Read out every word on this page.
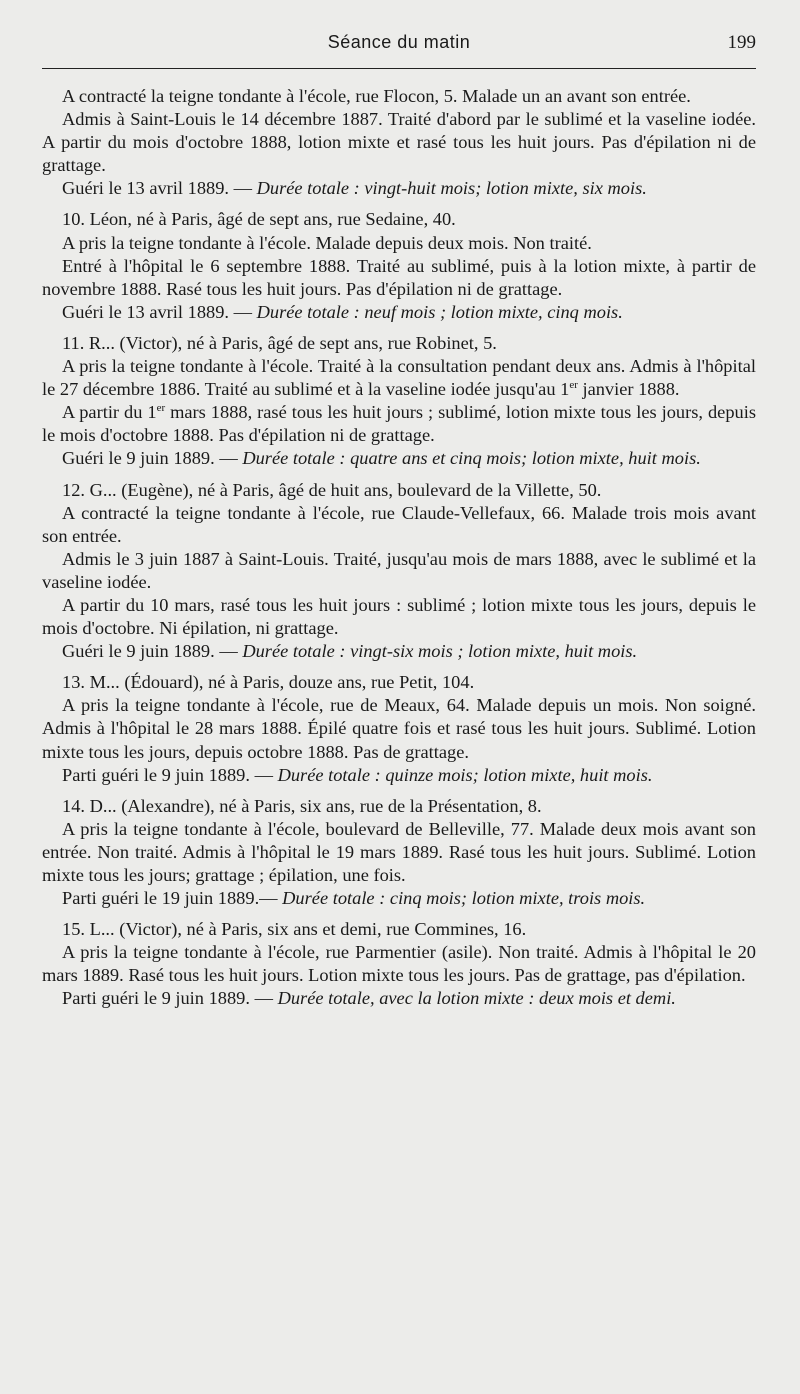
Séance du matin	199

A contracté la teigne tondante à l'école, rue Flocon, 5. Malade un an avant son entrée.

Admis à Saint-Louis le 14 décembre 1887. Traité d'abord par le sublimé et la vaseline iodée. A partir du mois d'octobre 1888, lotion mixte et rasé tous les huit jours. Pas d'épilation ni de grattage.

Guéri le 13 avril 1889. — Durée totale : vingt-huit mois; lotion mixte, six mois.

10. Léon, né à Paris, âgé de sept ans, rue Sedaine, 40.

A pris la teigne tondante à l'école. Malade depuis deux mois. Non traité.

Entré à l'hôpital le 6 septembre 1888. Traité au sublimé, puis à la lotion mixte, à partir de novembre 1888. Rasé tous les huit jours. Pas d'épilation ni de grattage.

Guéri le 13 avril 1889. — Durée totale : neuf mois ; lotion mixte, cinq mois.

11. R... (Victor), né à Paris, âgé de sept ans, rue Robinet, 5.

A pris la teigne tondante à l'école. Traité à la consultation pendant deux ans. Admis à l'hôpital le 27 décembre 1886. Traité au sublimé et à la vaseline iodée jusqu'au 1er janvier 1888.

A partir du 1er mars 1888, rasé tous les huit jours ; sublimé, lotion mixte tous les jours, depuis le mois d'octobre 1888. Pas d'épilation ni de grattage.

Guéri le 9 juin 1889. — Durée totale : quatre ans et cinq mois; lotion mixte, huit mois.

12. G... (Eugène), né à Paris, âgé de huit ans, boulevard de la Villette, 50.

A contracté la teigne tondante à l'école, rue Claude-Vellefaux, 66. Malade trois mois avant son entrée.

Admis le 3 juin 1887 à Saint-Louis. Traité, jusqu'au mois de mars 1888, avec le sublimé et la vaseline iodée.

A partir du 10 mars, rasé tous les huit jours : sublimé ; lotion mixte tous les jours, depuis le mois d'octobre. Ni épilation, ni grattage.

Guéri le 9 juin 1889. — Durée totale : vingt-six mois ; lotion mixte, huit mois.

13. M... (Édouard), né à Paris, douze ans, rue Petit, 104.

A pris la teigne tondante à l'école, rue de Meaux, 64. Malade depuis un mois. Non soigné. Admis à l'hôpital le 28 mars 1888. Épilé quatre fois et rasé tous les huit jours. Sublimé. Lotion mixte tous les jours, depuis octobre 1888. Pas de grattage.

Parti guéri le 9 juin 1889. — Durée totale : quinze mois; lotion mixte, huit mois.

14. D... (Alexandre), né à Paris, six ans, rue de la Présentation, 8.

A pris la teigne tondante à l'école, boulevard de Belleville, 77. Malade deux mois avant son entrée. Non traité. Admis à l'hôpital le 19 mars 1889. Rasé tous les huit jours. Sublimé. Lotion mixte tous les jours; grattage ; épilation, une fois.

Parti guéri le 19 juin 1889.— Durée totale : cinq mois; lotion mixte, trois mois.

15. L... (Victor), né à Paris, six ans et demi, rue Commines, 16.

A pris la teigne tondante à l'école, rue Parmentier (asile). Non traité. Admis à l'hôpital le 20 mars 1889. Rasé tous les huit jours. Lotion mixte tous les jours. Pas de grattage, pas d'épilation.

Parti guéri le 9 juin 1889. — Durée totale, avec la lotion mixte : deux mois et demi.
